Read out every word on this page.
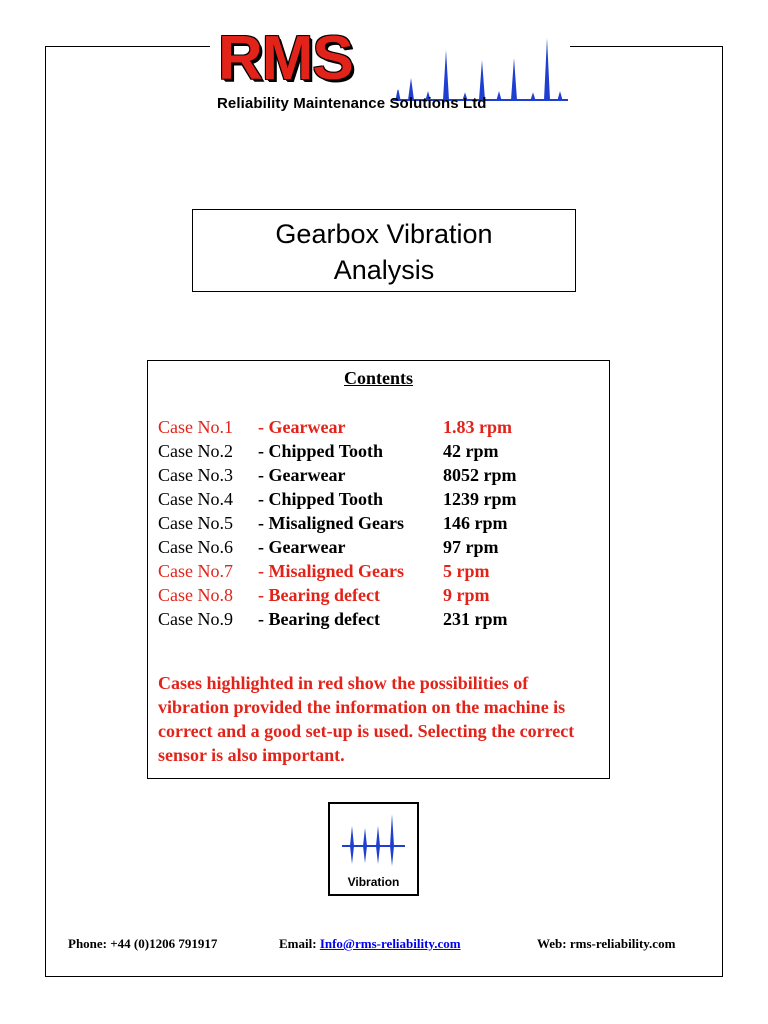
RMS
Reliability Maintenance Solutions Ltd
Gearbox Vibration
Analysis
Contents
Case No.1 - Gearwear	1.83 rpm
Case No.2 - Chipped Tooth	42 rpm
Case No.3 - Gearwear	8052 rpm
Case No.4 - Chipped Tooth	1239 rpm
Case No.5 - Misaligned Gears 146 rpm
Case No.6 - Gearwear	97 rpm
Case No.7 - Misaligned Gears 5 rpm
Case No.8 - Bearing defect	9 rpm
Case No.9 - Bearing defect	231 rpm
Cases highlighted in red show the possibilities of vibration provided the information on the machine is correct and a good set-up is used. Selecting the correct sensor is also important.
Vibration
Phone: +44 (0)1206 791917	Email: Info@rms-reliability.com	Web: rms-reliability.com
